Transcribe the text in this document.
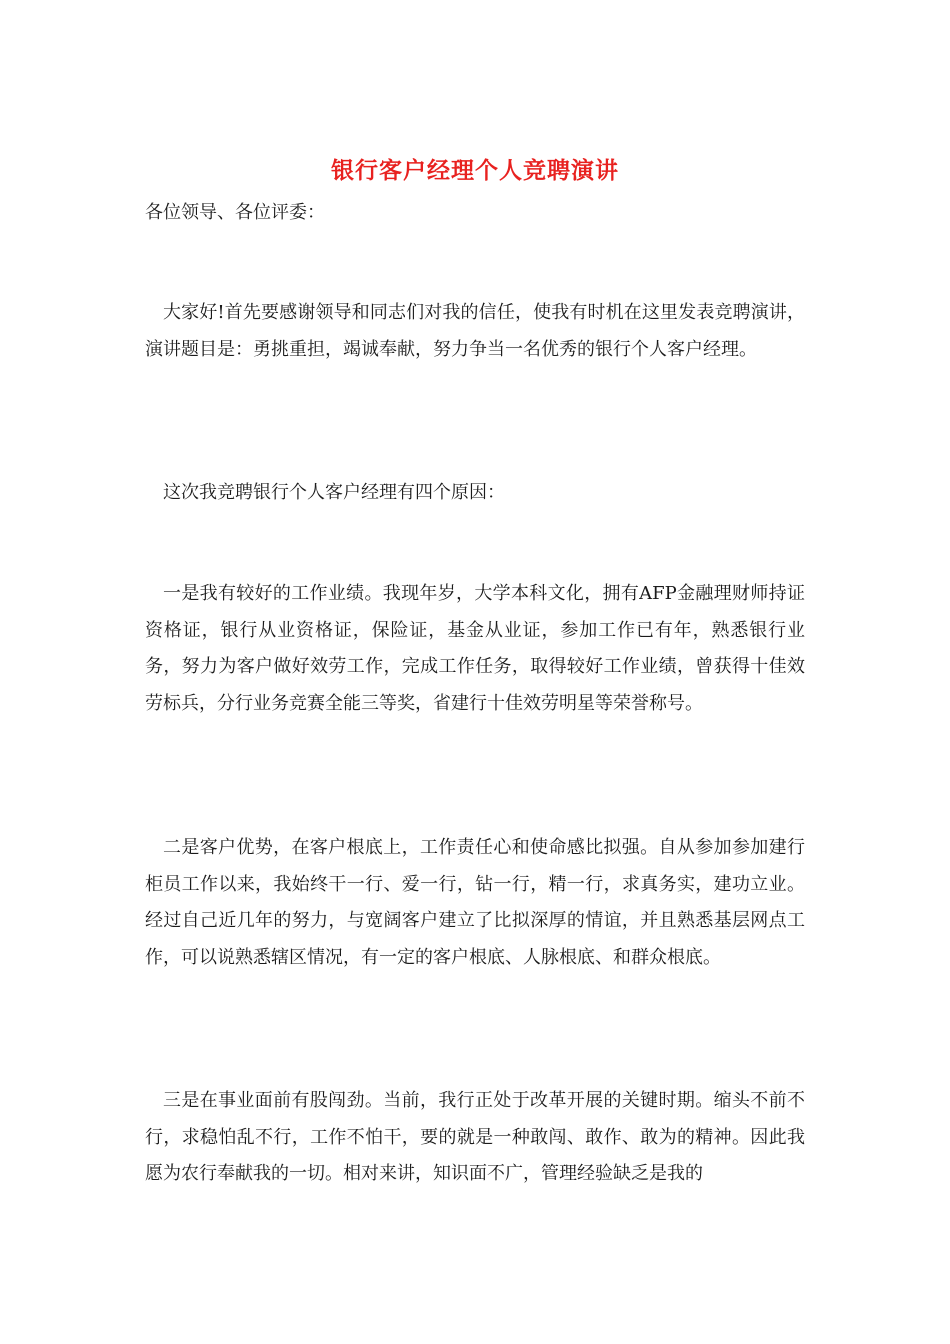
银行客户经理个人竞聘演讲

各位领导、各位评委：

大家好!首先要感谢领导和同志们对我的信任，使我有时机在这里发表竞聘演讲，演讲题目是：勇挑重担，竭诚奉献，努力争当一名优秀的银行个人客户经理。

这次我竞聘银行个人客户经理有四个原因：

一是我有较好的工作业绩。我现年岁，大学本科文化，拥有AFP金融理财师持证资格证，银行从业资格证，保险证，基金从业证，参加工作已有年，熟悉银行业务，努力为客户做好效劳工作，完成工作任务，取得较好工作业绩，曾获得十佳效劳标兵，分行业务竞赛全能三等奖，省建行十佳效劳明星等荣誉称号。

二是客户优势，在客户根底上，工作责任心和使命感比拟强。自从参加参加建行柜员工作以来，我始终干一行、爱一行，钻一行，精一行，求真务实，建功立业。经过自己近几年的努力，与宽阔客户建立了比拟深厚的情谊，并且熟悉基层网点工作，可以说熟悉辖区情况，有一定的客户根底、人脉根底、和群众根底。

三是在事业面前有股闯劲。当前，我行正处于改革开展的关键时期。缩头不前不行，求稳怕乱不行，工作不怕干，要的就是一种敢闯、敢作、敢为的精神。因此我愿为农行奉献我的一切。相对来讲，知识面不广，管理经验缺乏是我的
